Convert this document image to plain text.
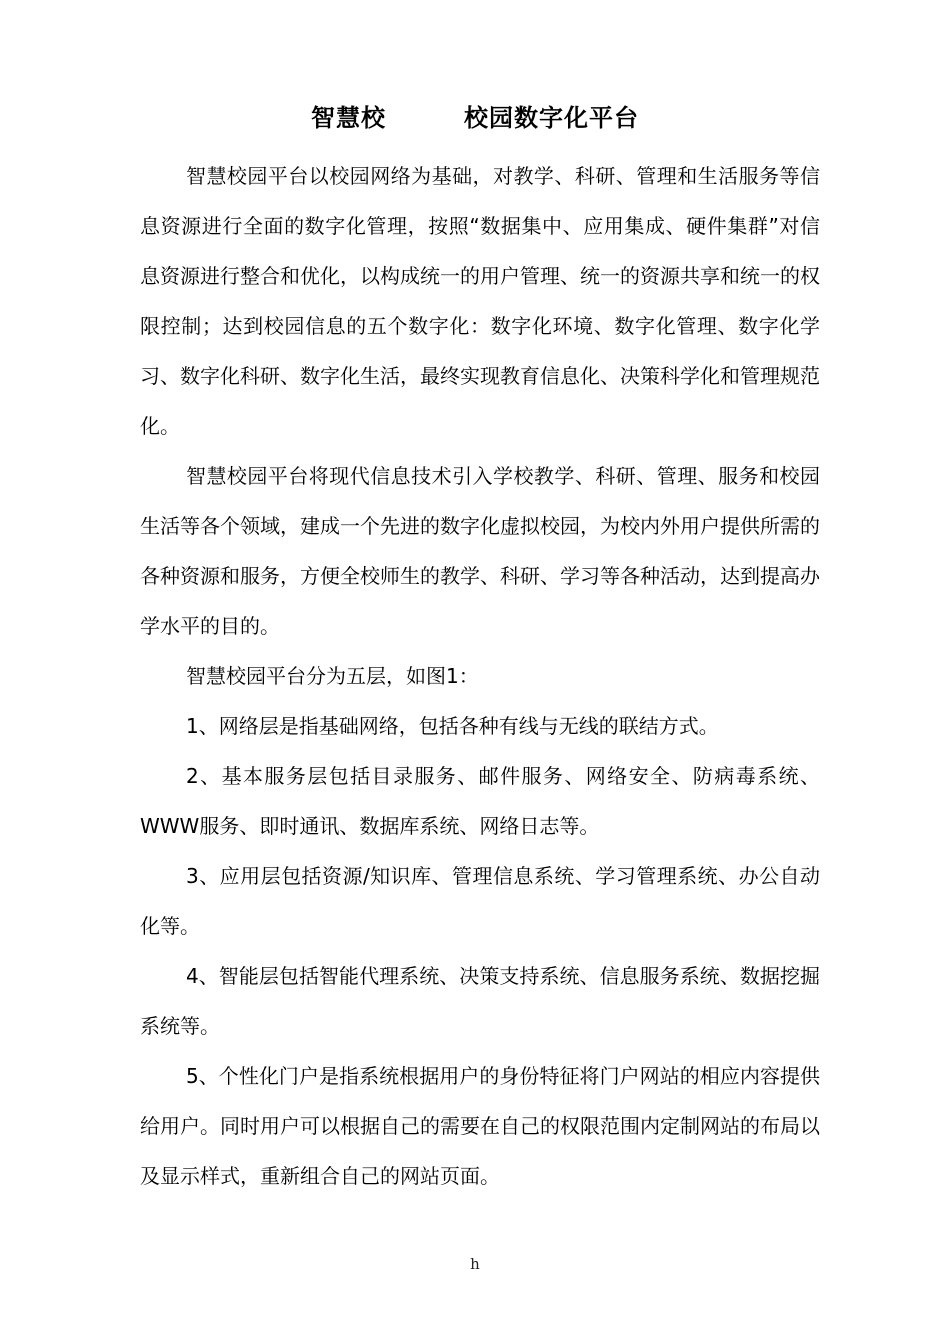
智慧校	校园数字化平台

智慧校园平台以校园网络为基础，对教学、科研、管理和生活服务等信息资源进行全面的数字化管理，按照“数据集中、应用集成、硬件集群”对信息资源进行整合和优化，以构成统一的用户管理、统一的资源共享和统一的权限控制；达到校园信息的五个数字化：数字化环境、数字化管理、数字化学习、数字化科研、数字化生活，最终实现教育信息化、决策科学化和管理规范化。

智慧校园平台将现代信息技术引入学校教学、科研、管理、服务和校园生活等各个领域，建成一个先进的数字化虚拟校园，为校内外用户提供所需的各种资源和服务，方便全校师生的教学、科研、学习等各种活动，达到提高办学水平的目的。

智慧校园平台分为五层，如图1：

1、网络层是指基础网络，包括各种有线与无线的联结方式。

2、基本服务层包括目录服务、邮件服务、网络安全、防病毒系统、WWW服务、即时通讯、数据库系统、网络日志等。

3、应用层包括资源/知识库、管理信息系统、学习管理系统、办公自动化等。

4、智能层包括智能代理系统、决策支持系统、信息服务系统、数据挖掘系统等。

5、个性化门户是指系统根据用户的身份特征将门户网站的相应内容提供给用户。同时用户可以根据自己的需要在自己的权限范围内定制网站的布局以及显示样式，重新组合自己的网站页面。

h
